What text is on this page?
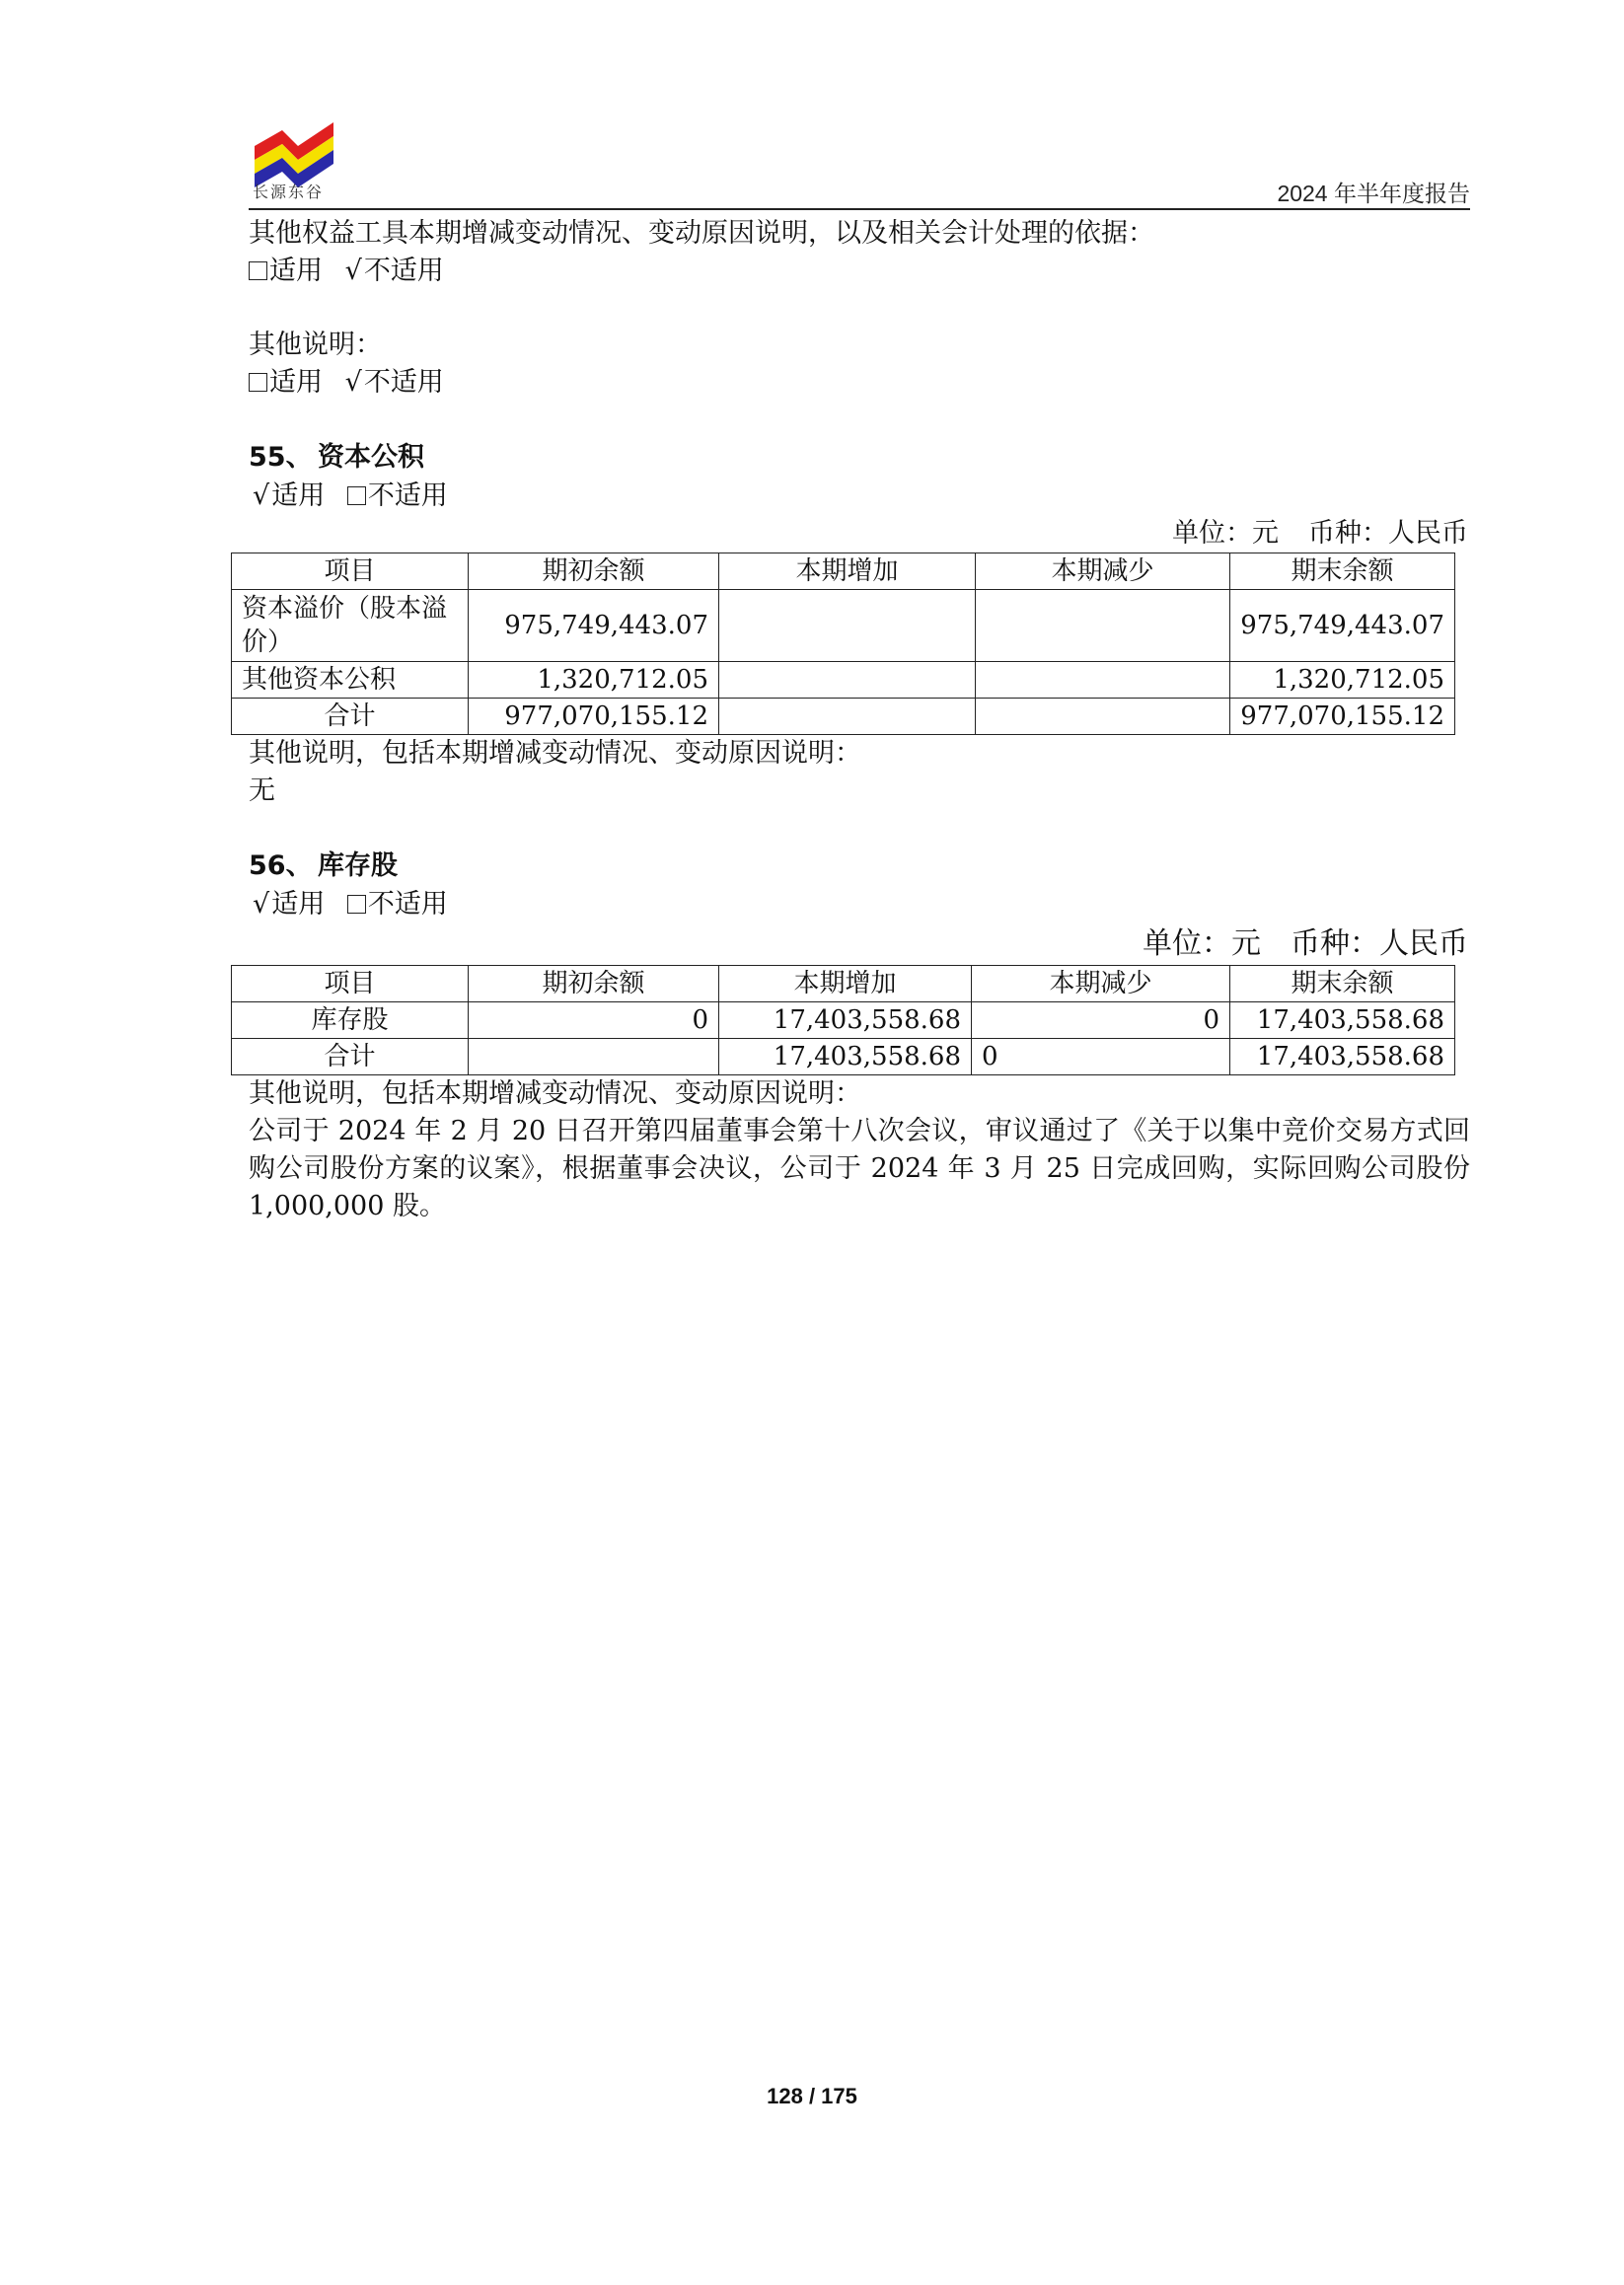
长源东谷	2024 年半年度报告
其他权益工具本期增减变动情况、变动原因说明，以及相关会计处理的依据：
适用 √不适用
其他说明：
适用 √不适用
55、 资本公积
√适用 不适用
单位：元 币种：人民币
项目	期初余额	本期增加	本期减少	期末余额
资本溢价（股本溢价）	975,749,443.07			975,749,443.07
其他资本公积	1,320,712.05			1,320,712.05
合计	977,070,155.12			977,070,155.12
其他说明，包括本期增减变动情况、变动原因说明：
无
56、 库存股
√适用 不适用
单位：元 币种：人民币
项目	期初余额	本期增加	本期减少	期末余额
库存股	0	17,403,558.68	0	17,403,558.68
合计		17,403,558.68	0	17,403,558.68
其他说明，包括本期增减变动情况、变动原因说明：
公司于 2024 年 2 月 20 日召开第四届董事会第十八次会议，审议通过了《关于以集中竞价交易方式回购公司股份方案的议案》，根据董事会决议，公司于 2024 年 3 月 25 日完成回购，实际回购公司股份 1,000,000 股。
128 / 175
